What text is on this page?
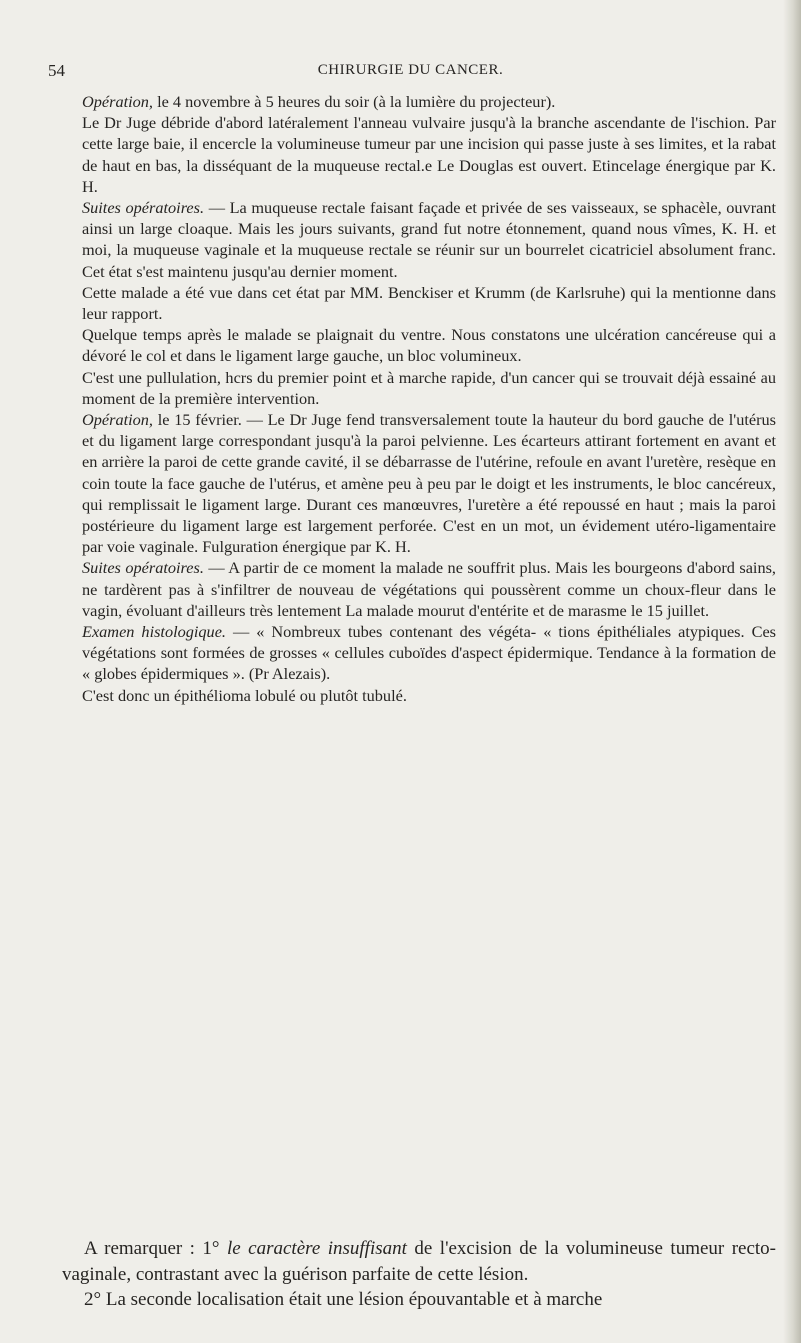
54	CHIRURGIE DU CANCER.

Opération, le 4 novembre à 5 heures du soir (à la lumière du projecteur).

Le Dr Juge débride d'abord latéralement l'anneau vulvaire jusqu'à la branche ascendante de l'ischion. Par cette large baie, il encercle la volumineuse tumeur par une incision qui passe juste à ses limites, et la rabat de haut en bas, la disséquant de la muqueuse rectal.e Le Douglas est ouvert. Etincelage énergique par K. H.

Suites opératoires. — La muqueuse rectale faisant façade et privée de ses vaisseaux, se sphacèle, ouvrant ainsi un large cloaque. Mais les jours suivants, grand fut notre étonnement, quand nous vîmes, K. H. et moi, la muqueuse vaginale et la muqueuse rectale se réunir sur un bourrelet cicatriciel absolument franc. Cet état s'est maintenu jusqu'au dernier moment.

Cette malade a été vue dans cet état par MM. Benckiser et Krumm (de Karlsruhe) qui la mentionne dans leur rapport.

Quelque temps après le malade se plaignait du ventre. Nous constatons une ulcération cancéreuse qui a dévoré le col et dans le ligament large gauche, un bloc volumineux.

C'est une pullulation, hcrs du premier point et à marche rapide, d'un cancer qui se trouvait déjà essainé au moment de la première intervention.

Opération, le 15 février. — Le Dr Juge fend transversalement toute la hauteur du bord gauche de l'utérus et du ligament large correspondant jusqu'à la paroi pelvienne. Les écarteurs attirant fortement en avant et en arrière la paroi de cette grande cavité, il se débarrasse de l'utérine, refoule en avant l'uretère, resèque en coin toute la face gauche de l'utérus, et amène peu à peu par le doigt et les instruments, le bloc cancéreux, qui remplissait le ligament large. Durant ces manœuvres, l'uretère a été repoussé en haut ; mais la paroi postérieure du ligament large est largement perforée. C'est en un mot, un évidement utéro-ligamentaire par voie vaginale. Fulguration énergique par K. H.

Suites opératoires. — A partir de ce moment la malade ne souffrit plus. Mais les bourgeons d'abord sains, ne tardèrent pas à s'infiltrer de nouveau de végétations qui poussèrent comme un choux-fleur dans le vagin, évoluant d'ailleurs très lentement La malade mourut d'entérite et de marasme le 15 juillet.

Examen histologique. — « Nombreux tubes contenant des végéta- « tions épithéliales atypiques. Ces végétations sont formées de grosses « cellules cuboïdes d'aspect épidermique. Tendance à la formation de « globes épidermiques ». (Pr Alezais).

C'est donc un épithélioma lobulé ou plutôt tubulé.

A remarquer : 1° le caractère insuffisant de l'excision de la volumineuse tumeur recto-vaginale, contrastant avec la guérison parfaite de cette lésion.

2° La seconde localisation était une lésion épouvantable et à marche
